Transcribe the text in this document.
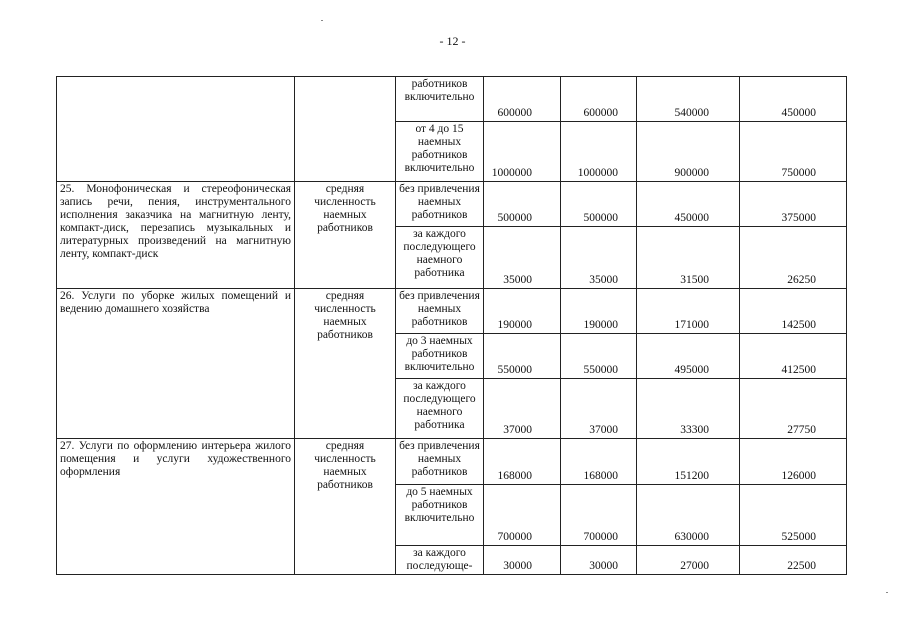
- 12 -
		работников включительно	600000	600000	540000	450000
		от 4 до 15 наемных работников включительно	1000000	1000000	900000	750000
25. Монофоническая и стереофоническая запись речи, пения, инструментального исполнения заказчика на магнитную ленту, компакт-диск, перезапись музыкальных и литературных произведений на магнитную ленту, компакт-диск	средняя численность наемных работников	без привлечения наемных работников	500000	500000	450000	375000
		за каждого последующего наемного работника	35000	35000	31500	26250
26. Услуги по уборке жилых помещений и ведению домашнего хозяйства	средняя численность наемных работников	без привлечения наемных работников	190000	190000	171000	142500
		до 3 наемных работников включительно	550000	550000	495000	412500
		за каждого последующего наемного работника	37000	37000	33300	27750
27. Услуги по оформлению интерьера жилого помещения и услуги художественного оформления	средняя численность наемных работников	без привлечения наемных работников	168000	168000	151200	126000
		до 5 наемных работников включительно	700000	700000	630000	525000
		за каждого последующе-	30000	30000	27000	22500
